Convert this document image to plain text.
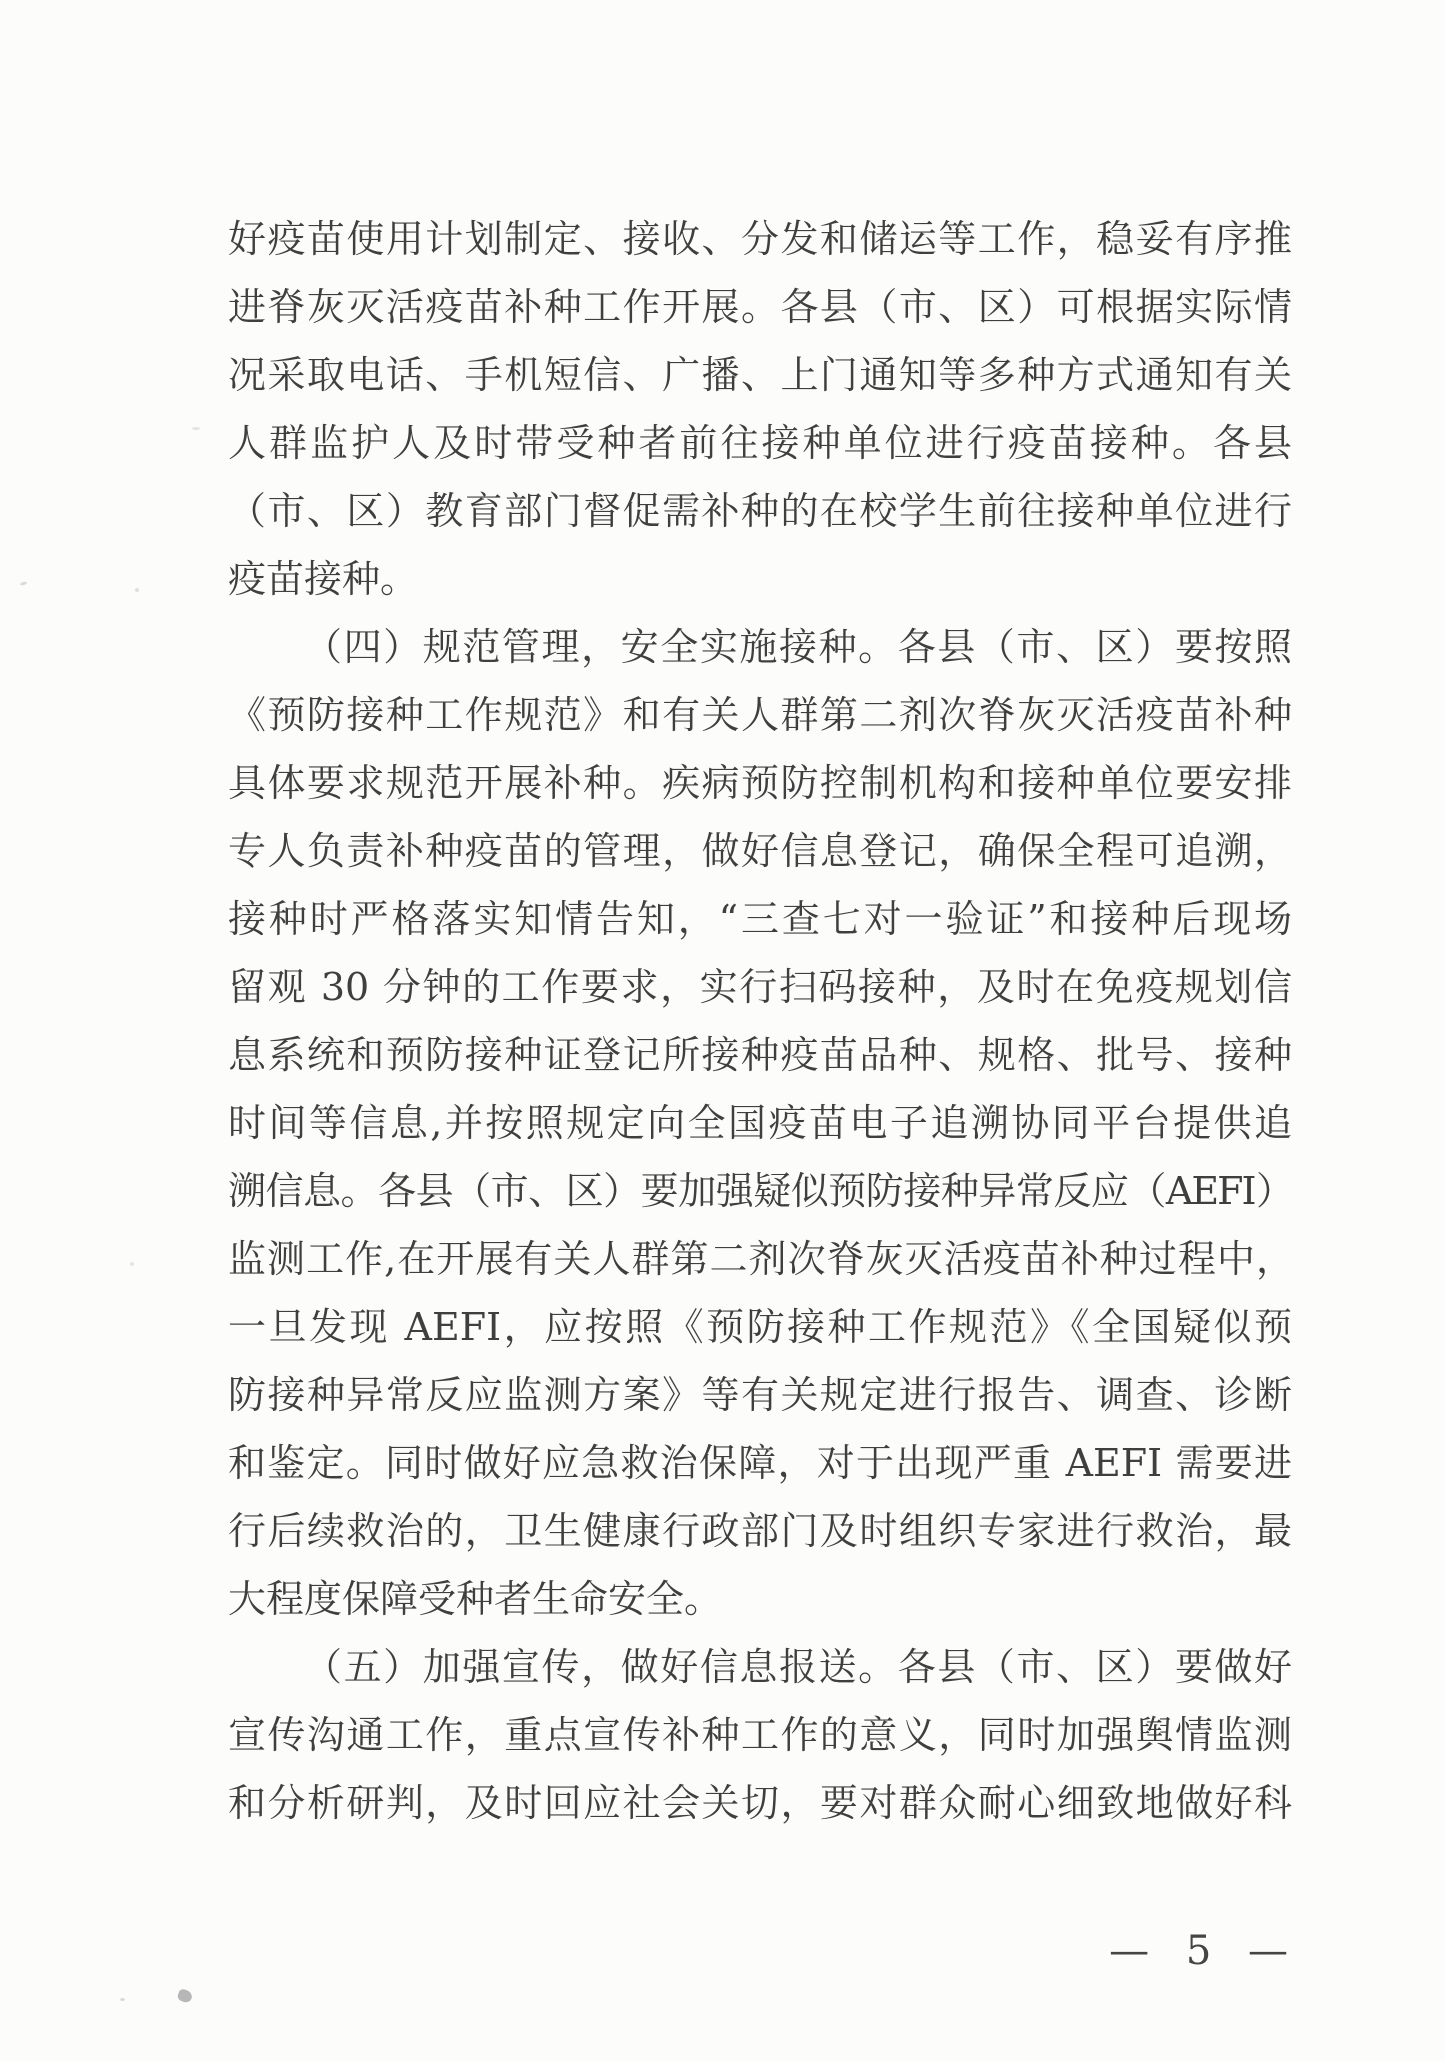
好疫苗使用计划制定、接收、分发和储运等工作，稳妥有序推
进脊灰灭活疫苗补种工作开展。各县（市、区）可根据实际情
况采取电话、手机短信、广播、上门通知等多种方式通知有关
人群监护人及时带受种者前往接种单位进行疫苗接种。各县
（市、区）教育部门督促需补种的在校学生前往接种单位进行
疫苗接种。
（四）规范管理，安全实施接种。各县（市、区）要按照
《预防接种工作规范》和有关人群第二剂次脊灰灭活疫苗补种
具体要求规范开展补种。疾病预防控制机构和接种单位要安排
专人负责补种疫苗的管理，做好信息登记，确保全程可追溯，
接种时严格落实知情告知，“三查七对一验证”和接种后现场
留观 30 分钟的工作要求，实行扫码接种，及时在免疫规划信
息系统和预防接种证登记所接种疫苗品种、规格、批号、接种
时间等信息,并按照规定向全国疫苗电子追溯协同平台提供追
溯信息。各县（市、区）要加强疑似预防接种异常反应（AEFI）
监测工作,在开展有关人群第二剂次脊灰灭活疫苗补种过程中，
一旦发现 AEFI，应按照《预防接种工作规范》《全国疑似预
防接种异常反应监测方案》等有关规定进行报告、调查、诊断
和鉴定。同时做好应急救治保障，对于出现严重 AEFI 需要进
行后续救治的，卫生健康行政部门及时组织专家进行救治，最
大程度保障受种者生命安全。
（五）加强宣传，做好信息报送。各县（市、区）要做好
宣传沟通工作，重点宣传补种工作的意义，同时加强舆情监测
和分析研判，及时回应社会关切，要对群众耐心细致地做好科
— 5 —
